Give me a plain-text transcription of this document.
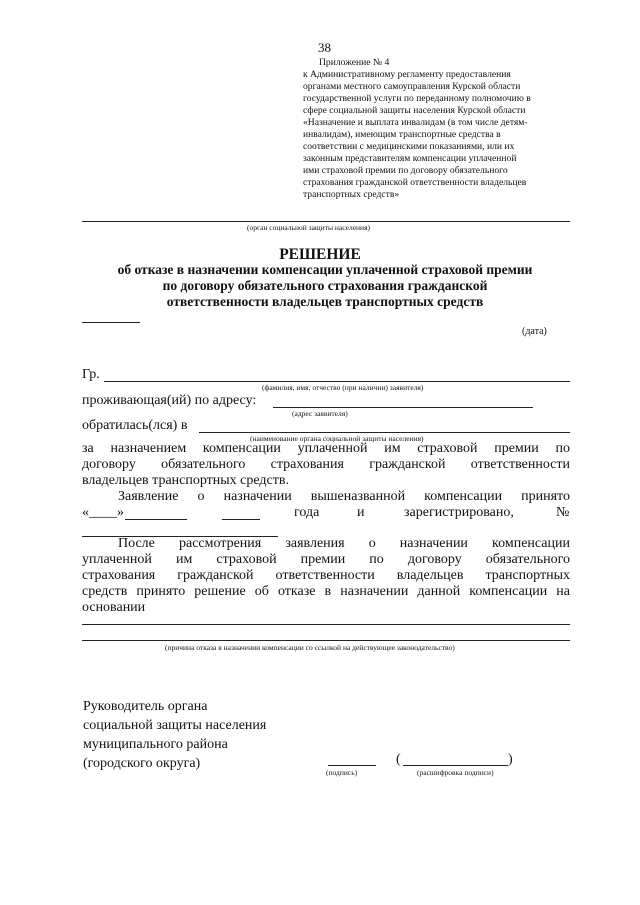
38
Приложение № 4
к Административному регламенту предоставления
органами местного самоуправления Курской области
государственной услуги по переданному полномочию в
сфере социальной защиты населения Курской области
«Назначение и выплата инвалидам (в том числе детям-
инвалидам), имеющим транспортные средства в
соответствии с медицинскими показаниями, или их
законным представителям компенсации уплаченной
ими страховой премии по договору обязательного
страхования гражданской ответственности владельцев
транспортных средств»
(орган социальной защиты населения)
РЕШЕНИЕ
об отказе в назначении компенсации уплаченной страховой премии
по договору обязательного страхования гражданской
ответственности владельцев транспортных средств
(дата)
Гр.
(фамилия, имя, отчество (при наличии) заявителя)
проживающая(ий) по адресу:
(адрес заявителя)
обратилась(лся) в
(наименование органа социальной защиты населения)
за назначением компенсации уплаченной им страховой премии по
договору обязательного страхования гражданской ответственности
владельцев транспортных средств.
Заявление о назначении вышеназванной компенсации принято
«____»	года	и	зарегистрировано,	№
После рассмотрения заявления о назначении компенсации
уплаченной им страховой премии по договору обязательного
страхования гражданской ответственности владельцев транспортных
средств принято решение об отказе в назначении данной компенсации на
основании
(причина отказа в назначении компенсации со ссылкой на действующее законодательство)
Руководитель органа
социальной защиты населения
муниципального района
(городского округа)
(подпись)
(	)
(расшифровка подписи)
